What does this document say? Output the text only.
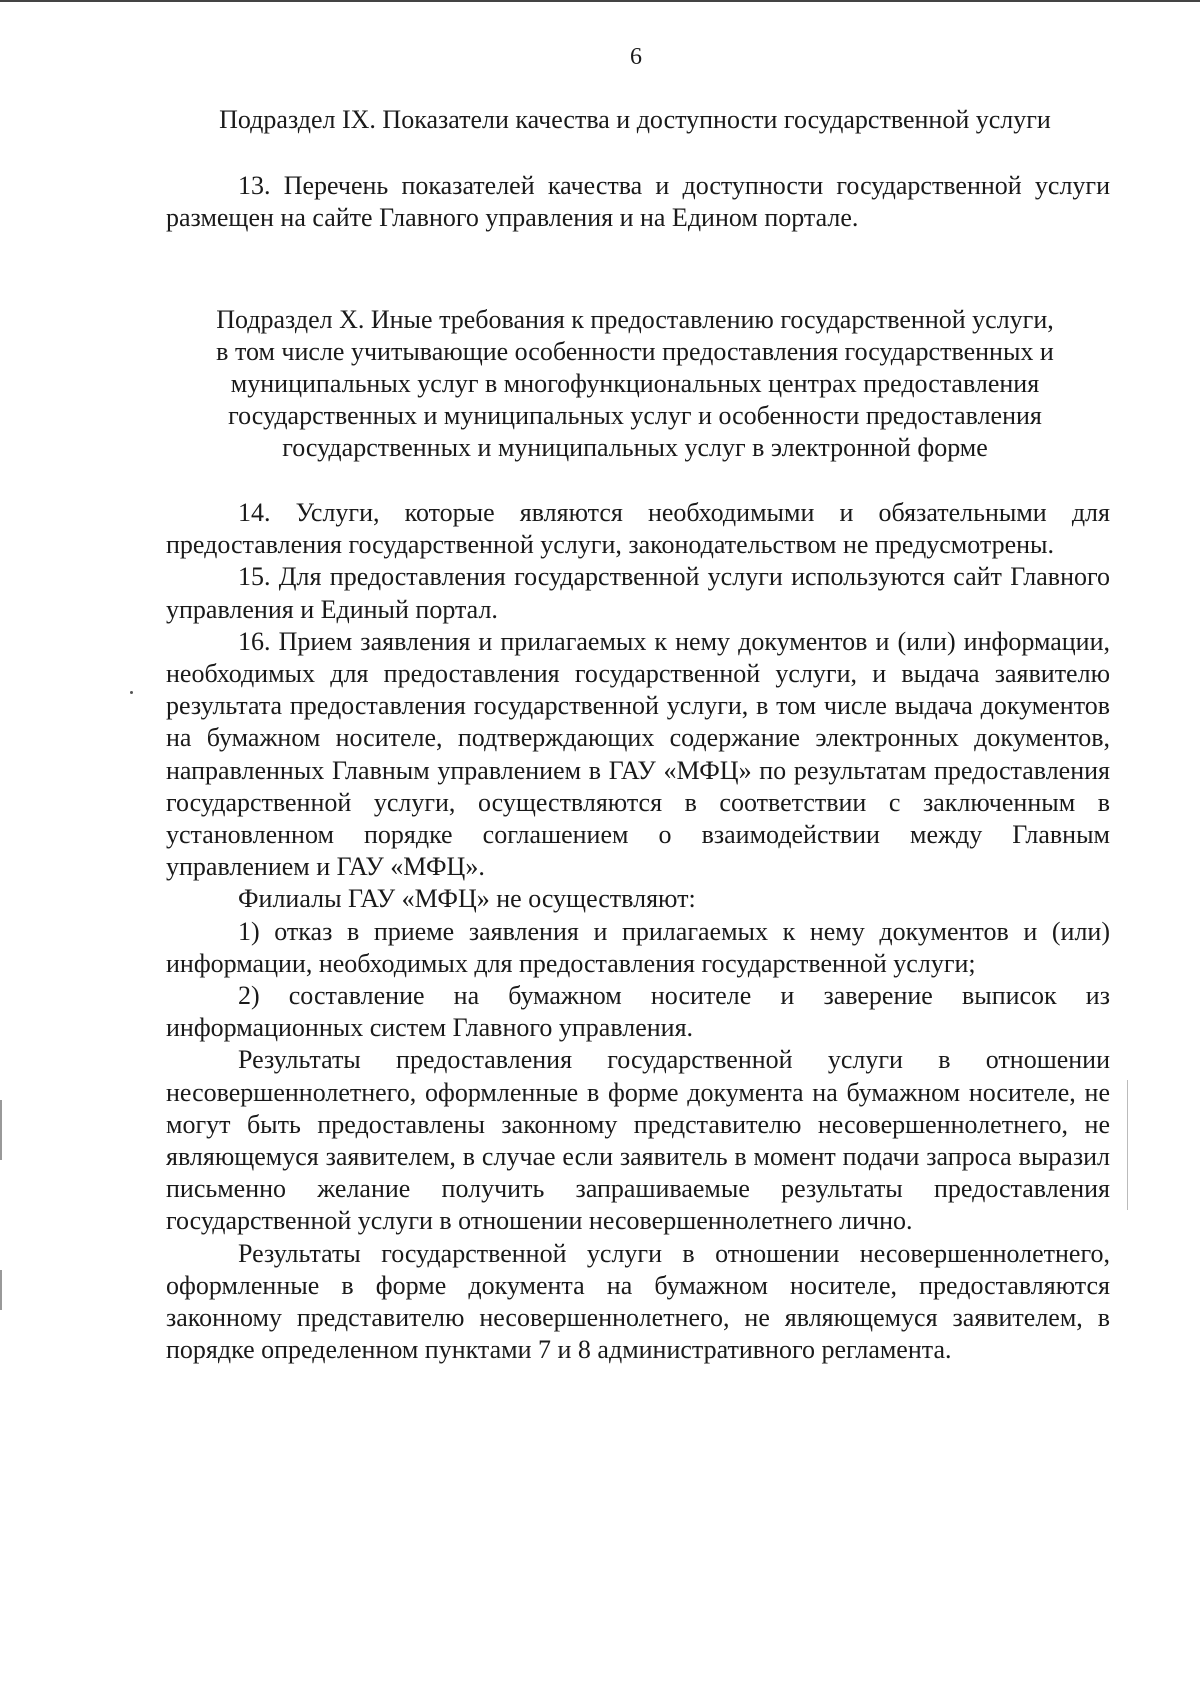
6
Подраздел IX. Показатели качества и доступности государственной услуги

13. Перечень показателей качества и доступности государственной услуги размещен на сайте Главного управления и на Едином портале.

Подраздел X. Иные требования к предоставлению государственной услуги,
в том числе учитывающие особенности предоставления государственных и
муниципальных услуг в многофункциональных центрах предоставления
государственных и муниципальных услуг и особенности предоставления
государственных и муниципальных услуг в электронной форме

14. Услуги, которые являются необходимыми и обязательными для предоставления государственной услуги, законодательством не предусмотрены.

15. Для предоставления государственной услуги используются сайт Главного управления и Единый портал.

16. Прием заявления и прилагаемых к нему документов и (или) информации, необходимых для предоставления государственной услуги, и выдача заявителю результата предоставления государственной услуги, в том числе выдача документов на бумажном носителе, подтверждающих содержание электронных документов, направленных Главным управлением в ГАУ «МФЦ» по результатам предоставления государственной услуги, осуществляются в соответствии с заключенным в установленном порядке соглашением о взаимодействии между Главным управлением и ГАУ «МФЦ».

Филиалы ГАУ «МФЦ» не осуществляют:

1) отказ в приеме заявления и прилагаемых к нему документов и (или) информации, необходимых для предоставления государственной услуги;

2) составление на бумажном носителе и заверение выписок из информационных систем Главного управления.

Результаты предоставления государственной услуги в отношении несовершеннолетнего, оформленные в форме документа на бумажном носителе, не могут быть предоставлены законному представителю несовершеннолетнего, не являющемуся заявителем, в случае если заявитель в момент подачи запроса выразил письменно желание получить запрашиваемые результаты предоставления государственной услуги в отношении несовершеннолетнего лично.

Результаты государственной услуги в отношении несовершеннолетнего, оформленные в форме документа на бумажном носителе, предоставляются законному представителю несовершеннолетнего, не являющемуся заявителем, в порядке определенном пунктами 7 и 8 административного регламента.
